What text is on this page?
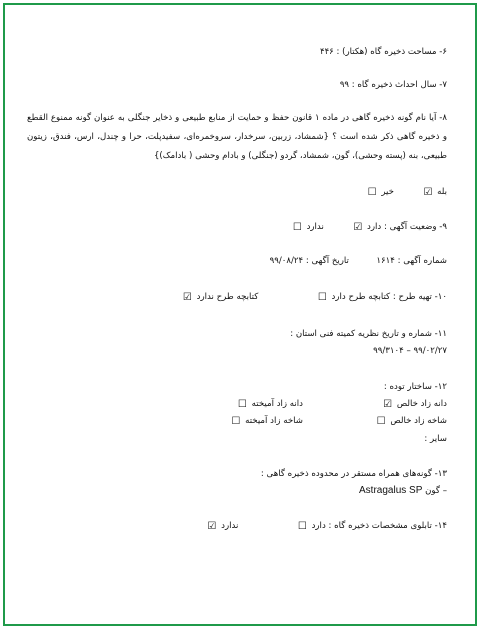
۶- مساحت ذخیره گاه (هکتار) : ۴۴۶
۷- سال احداث ذخیره گاه : ۹۹
۸- آیا نام گونه ذخیره گاهی در ماده ۱ قانون حفظ و حمایت از منابع طبیعی و ذخایر جنگلی به عنوان گونه ممنوع القطع و ذخیره گاهی ذکر شده است ؟ {شمشاد، زربین، سرخدار، سروخمره‌ای، سفیدپلت، حرا و چندل، ارس، فندق، زیتون طبیعی، بنه (پسته وحشی)، گون، شمشاد، گردو (جنگلی) و بادام وحشی ( بادامک)}
بله ☑  خیر ☐
۹- وضعیت آگهی : دارد ☑  ندارد ☐
شماره آگهی : ۱۶۱۴  تاریخ آگهی : ۹۹/۰۸/۲۴
۱۰- تهیه طرح : کتابچه طرح دارد ☐  کتابچه طرح ندارد ☑
۱۱- شماره و تاریخ نظریه کمیته فنی استان :
۹۹/۰۲/۲۷ – ۹۹/۳۱۰۴
۱۲- ساختار توده :
دانه زاد خالص ☑
دانه زاد آمیخته ☐
شاخه زاد خالص ☐
شاخه زاد آمیخته ☐
سایر :
۱۳- گونه‌های همراه مستقر در محدوده ذخیره گاهی :
– گون Astragalus SP
۱۴- تابلوی مشخصات ذخیره گاه : دارد ☐  ندارد ☑
